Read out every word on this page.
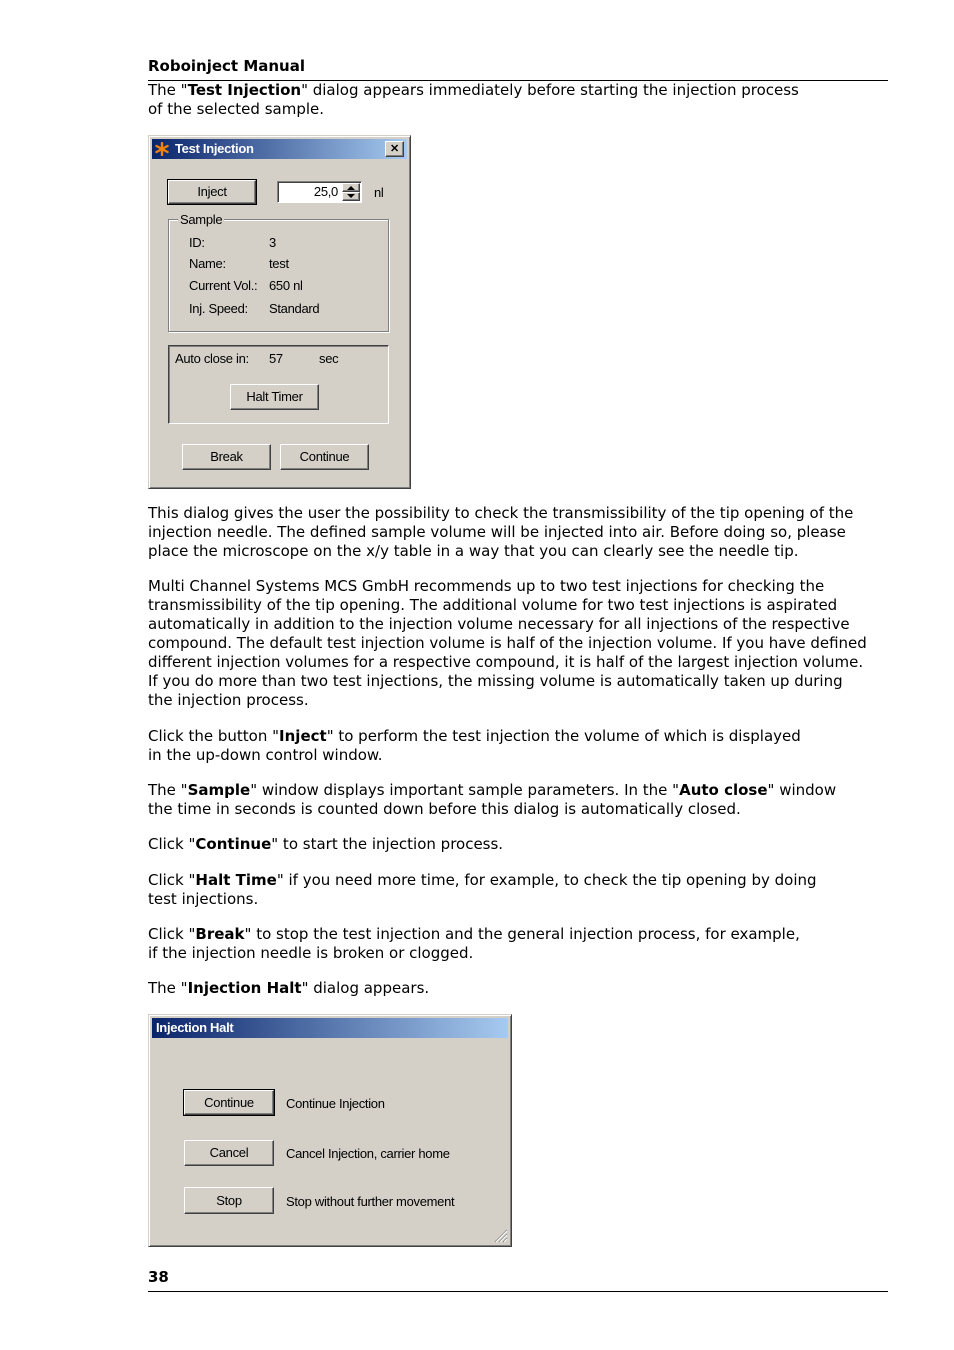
Roboinject Manual

The "Test Injection" dialog appears immediately before starting the injection process
of the selected sample.

Test Injection	✕
Inject	25,0	nl
Sample
ID:	3
Name:	test
Current Vol.: 650 nl
Inj. Speed: Standard
Auto close in: 57	sec
Halt Timer
Break	Continue

This dialog gives the user the possibility to check the transmissibility of the tip opening of the
injection needle. The defined sample volume will be injected into air. Before doing so, please
place the microscope on the x/y table in a way that you can clearly see the needle tip.

Multi Channel Systems MCS GmbH recommends up to two test injections for checking the
transmissibility of the tip opening. The additional volume for two test injections is aspirated
automatically in addition to the injection volume necessary for all injections of the respective
compound. The default test injection volume is half of the injection volume. If you have defined
different injection volumes for a respective compound, it is half of the largest injection volume.
If you do more than two test injections, the missing volume is automatically taken up during
the injection process.

Click the button "Inject" to perform the test injection the volume of which is displayed
in the up-down control window.

The "Sample" window displays important sample parameters. In the "Auto close" window
the time in seconds is counted down before this dialog is automatically closed.

Click "Continue" to start the injection process.

Click "Halt Time" if you need more time, for example, to check the tip opening by doing
test injections.

Click "Break" to stop the test injection and the general injection process, for example,
if the injection needle is broken or clogged.

The "Injection Halt" dialog appears.

Injection Halt
Continue	Continue Injection
Cancel	Cancel Injection, carrier home
Stop	Stop without further movement
38
